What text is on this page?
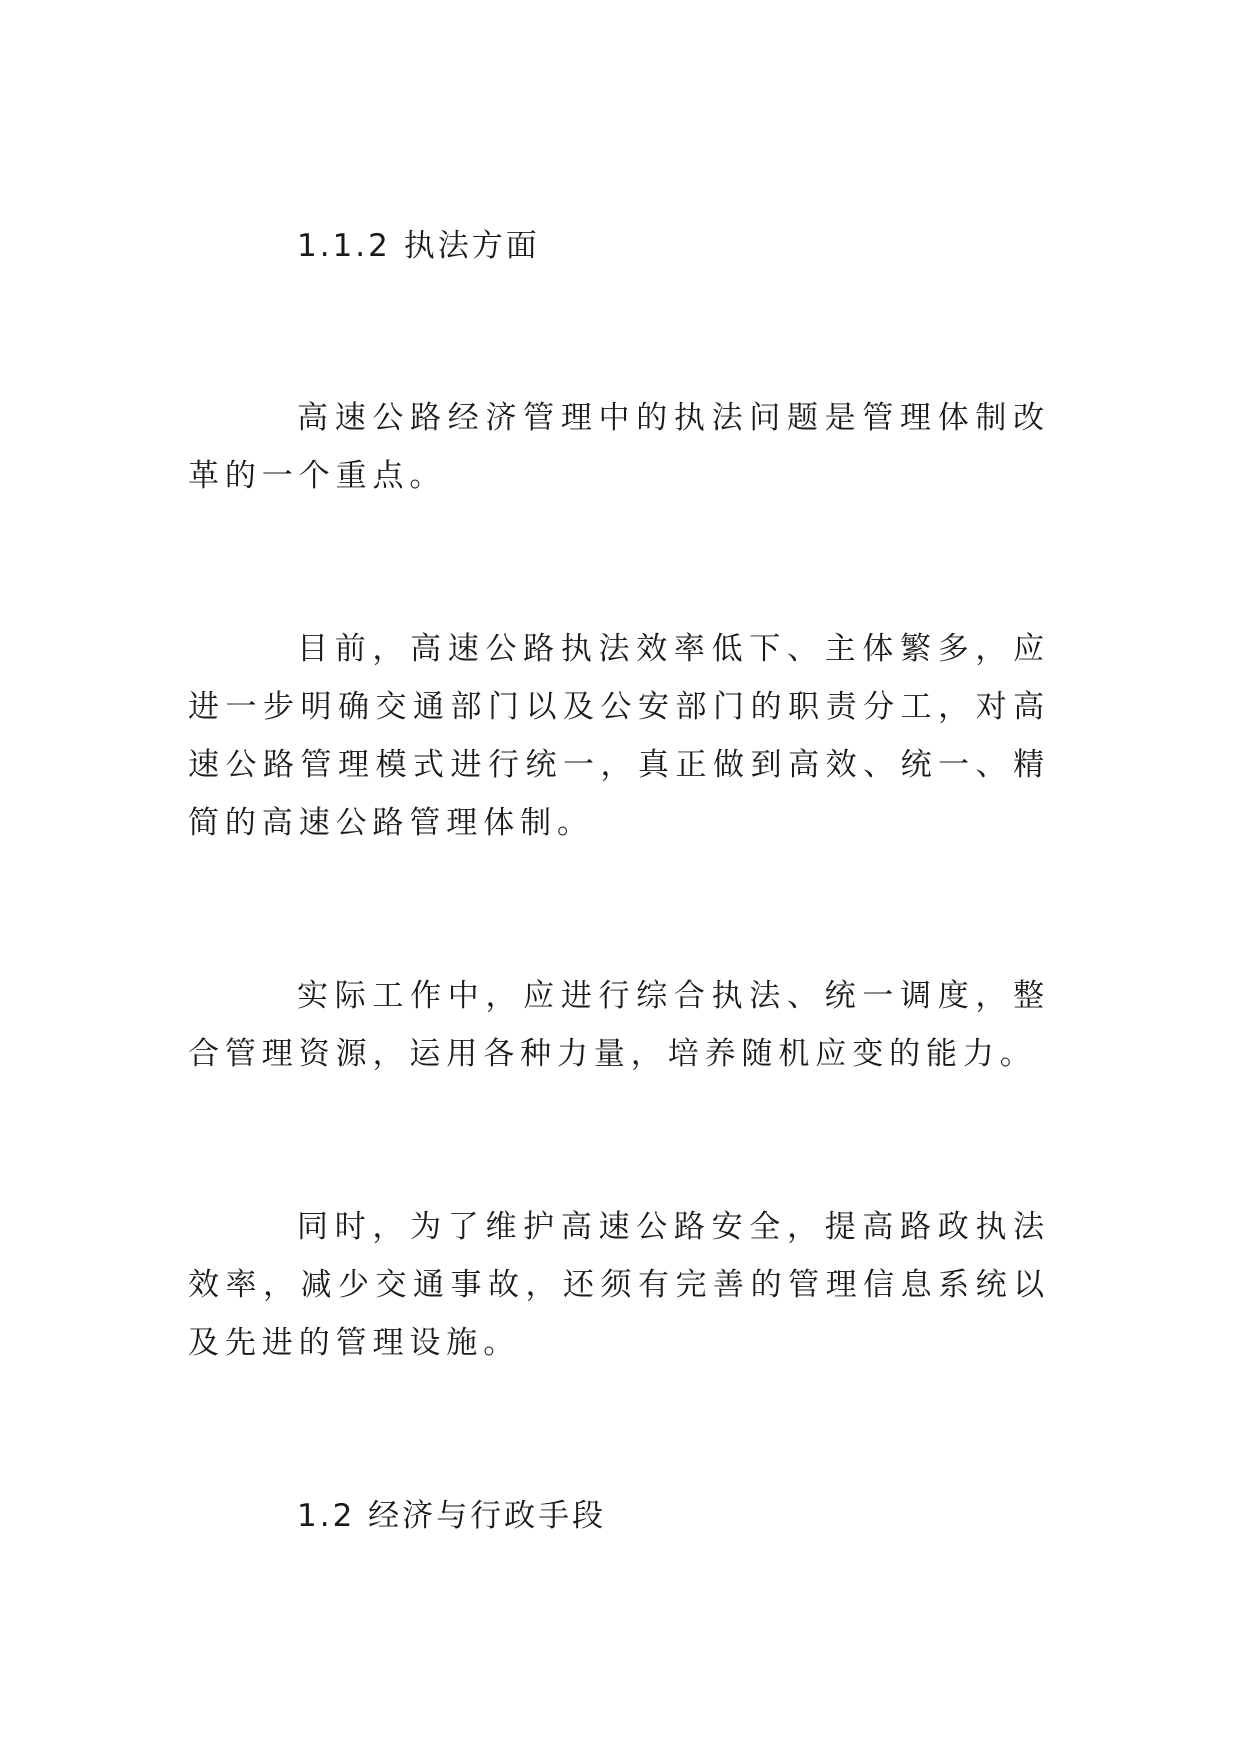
1.1.2 执法方面
高速公路经济管理中的执法问题是管理体制改革的一个重点。
目前，高速公路执法效率低下、主体繁多，应进一步明确交通部门以及公安部门的职责分工，对高速公路管理模式进行统一，真正做到高效、统一、精简的高速公路管理体制。
实际工作中，应进行综合执法、统一调度，整合管理资源，运用各种力量，培养随机应变的能力。
同时，为了维护高速公路安全，提高路政执法效率，减少交通事故，还须有完善的管理信息系统以及先进的管理设施。
1.2 经济与行政手段
